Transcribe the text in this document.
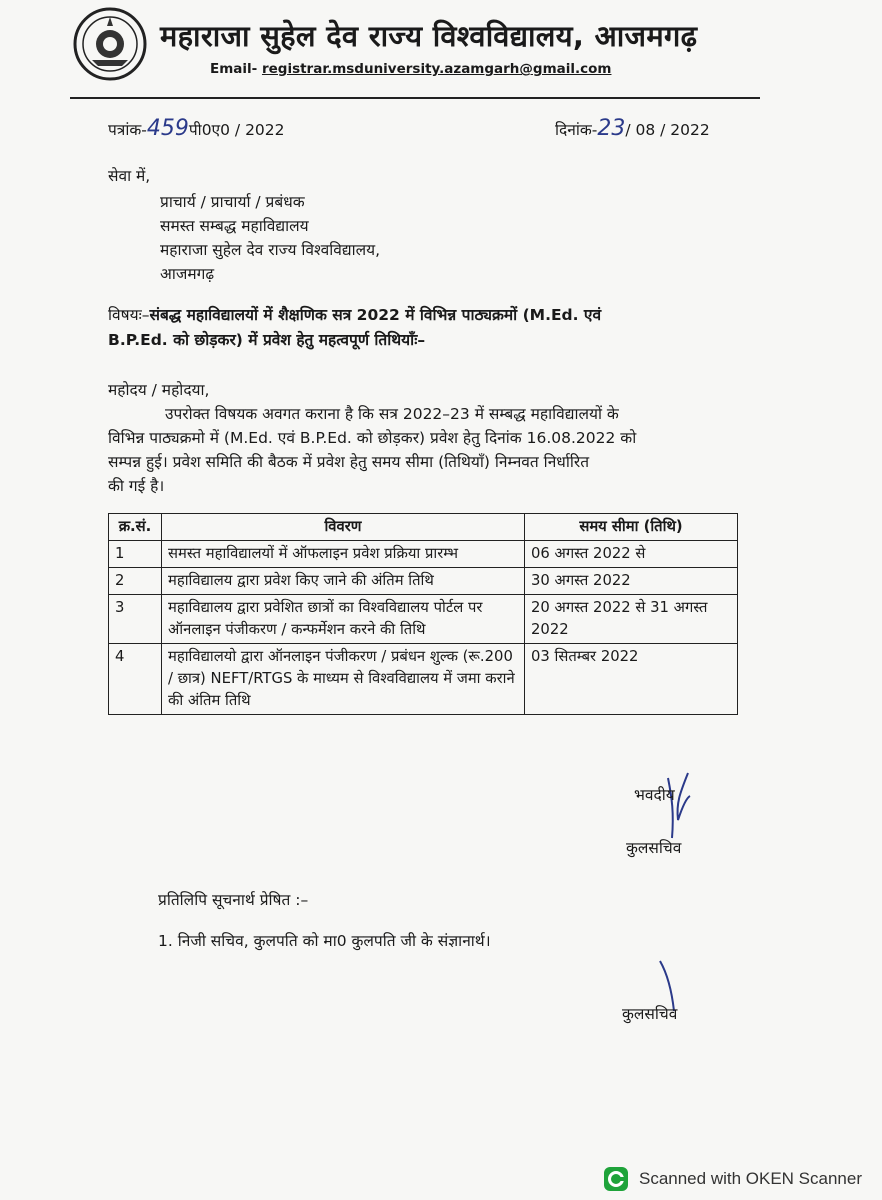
महाराजा सुहेल देव राज्य विश्वविद्यालय, आजमगढ़
Email- registrar.msduniversity.azamgarh@gmail.com
पत्रांक-459पी0ए0 / 2022	दिनांक-23/ 08 / 2022
सेवा में,
प्राचार्य / प्राचार्या / प्रबंधक
समस्त सम्बद्ध महाविद्यालय
महाराजा सुहेल देव राज्य विश्वविद्यालय,
आजमगढ़
विषयः–संबद्ध महाविद्यालयों में शैक्षणिक सत्र 2022 में विभिन्न पाठ्यक्रमों (M.Ed. एवं
B.P.Ed. को छोड़कर) में प्रवेश हेतु महत्वपूर्ण तिथियाँः–
महोदय / महोदया,
उपरोक्त विषयक अवगत कराना है कि सत्र 2022–23 में सम्बद्ध महाविद्यालयों के
विभिन्न पाठ्यक्रमो में (M.Ed. एवं B.P.Ed. को छोड़कर) प्रवेश हेतु दिनांक 16.08.2022 को
सम्पन्न हुई। प्रवेश समिति की बैठक में प्रवेश हेतु समय सीमा (तिथियाँ) निम्नवत निर्धारित
की गई है।
क्र.सं.	विवरण	समय सीमा (तिथि)
1	समस्त महाविद्यालयों में ऑफलाइन प्रवेश प्रक्रिया प्रारम्भ	06 अगस्त 2022 से
2	महाविद्यालय द्वारा प्रवेश किए जाने की अंतिम तिथि	30 अगस्त 2022
3	महाविद्यालय द्वारा प्रवेशित छात्रों का विश्वविद्यालय पोर्टल पर ऑनलाइन पंजीकरण / कन्फर्मेशन करने की तिथि	20 अगस्त 2022 से 31 अगस्त 2022
4	महाविद्यालयो द्वारा ऑनलाइन पंजीकरण / प्रबंधन शुल्क (रू.200 / छात्र) NEFT/RTGS के माध्यम से विश्वविद्यालय में जमा कराने की अंतिम तिथि	03 सितम्बर 2022
भवदीय
कुलसचिव
प्रतिलिपि सूचनार्थ प्रेषित :–
1. निजी सचिव, कुलपति को मा0 कुलपति जी के संज्ञानार्थ।
कुलसचिव
Scanned with OKEN Scanner
